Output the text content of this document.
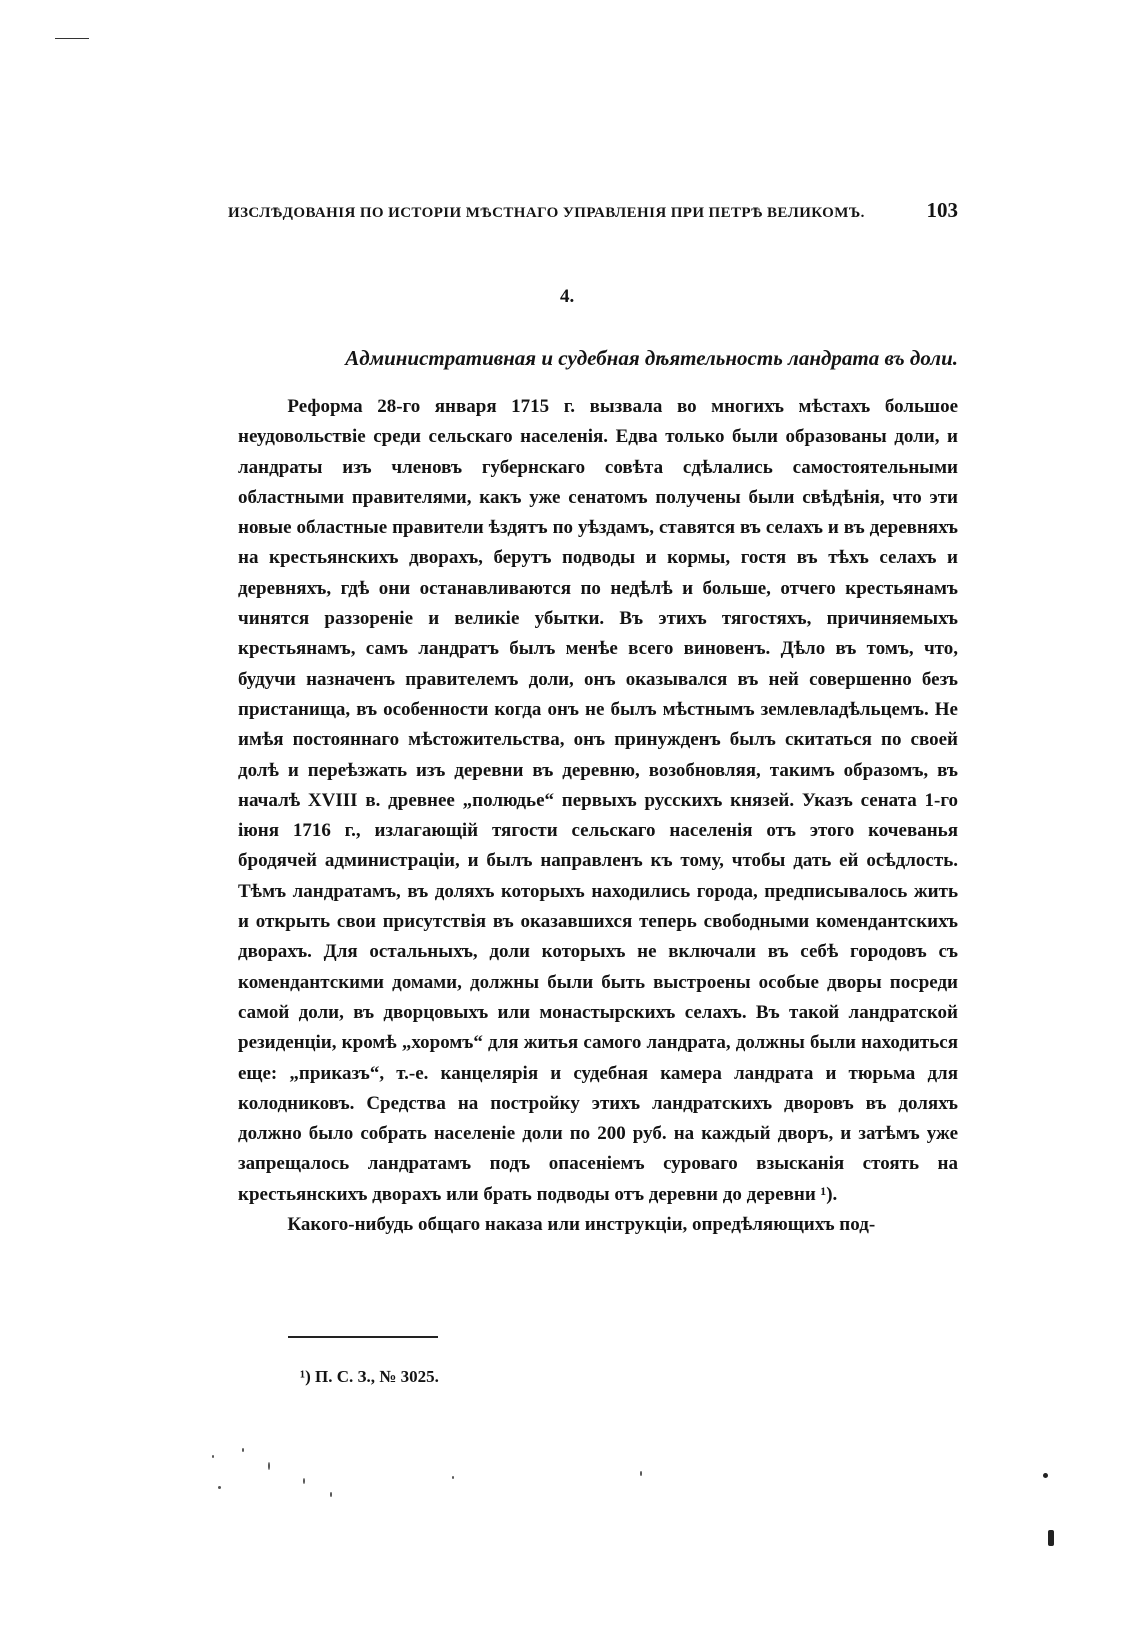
ИЗСЛѢДОВАНІЯ ПО ИСТОРІИ МѢСТНАГО УПРАВЛЕНІЯ ПРИ ПЕТРѢ ВЕЛИКОМЪ.	103
4.
Административная и судебная дѣятельность ландрата въ доли.

Реформа 28-го января 1715 г. вызвала во многихъ мѣстахъ большое неудовольствіе среди сельскаго населенія. Едва только были образованы доли, и ландраты изъ членовъ губернскаго совѣта сдѣлались самостоятельными областными правителями, какъ уже сенатомъ получены были свѣдѣнія, что эти новые областные правители ѣздятъ по уѣздамъ, ставятся въ селахъ и въ деревняхъ на крестьянскихъ дворахъ, берутъ подводы и кормы, гостя въ тѣхъ селахъ и деревняхъ, гдѣ они останавливаются по недѣлѣ и больше, отчего крестьянамъ чинятся раззореніе и великіе убытки. Въ этихъ тягостяхъ, причиняемыхъ крестьянамъ, самъ ландратъ былъ менѣе всего виновенъ. Дѣло въ томъ, что, будучи назначенъ правителемъ доли, онъ оказывался въ ней совершенно безъ пристанища, въ особенности когда онъ не былъ мѣстнымъ землевладѣльцемъ. Не имѣя постояннаго мѣстожительства, онъ принужденъ былъ скитаться по своей долѣ и переѣзжать изъ деревни въ деревню, возобновляя, такимъ образомъ, въ началѣ XVIII в. древнее „полюдье“ первыхъ русскихъ князей. Указъ сената 1-го іюня 1716 г., излагающій тягости сельскаго населенія отъ этого кочеванья бродячей администраціи, и былъ направленъ къ тому, чтобы дать ей осѣдлость. Тѣмъ ландратамъ, въ доляхъ которыхъ находились города, предписывалось жить и открыть свои присутствія въ оказавшихся теперь свободными комендантскихъ дворахъ. Для остальныхъ, доли которыхъ не включали въ себѣ городовъ съ комендантскими домами, должны были быть выстроены особые дворы посреди самой доли, въ дворцовыхъ или монастырскихъ селахъ. Въ такой ландратской резиденціи, кромѣ „хоромъ“ для житья самого ландрата, должны были находиться еще: „приказъ“, т.-е. канцелярія и судебная камера ландрата и тюрьма для колодниковъ. Средства на постройку этихъ ландратскихъ дворовъ въ доляхъ должно было собрать населеніе доли по 200 руб. на каждый дворъ, и затѣмъ уже запрещалось ландратамъ подъ опасеніемъ суроваго взысканія стоять на крестьянскихъ дворахъ или брать подводы отъ деревни до деревни ¹).

Какого-нибудь общаго наказа или инструкціи, опредѣляющихъ под-

¹) П. С. З., № 3025.
